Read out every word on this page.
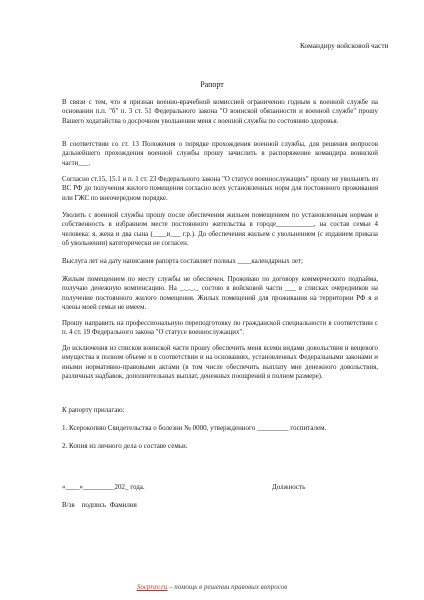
Командиру войсковой части
Рапорт
В связи с тем, что я признан военно-врачебной комиссией ограниченно годным к военной службе на основании п.п. "б" п. 3 ст. 51 Федерального закона "О воинской обязанности и военной службе" прошу Вашего ходатайства о досрочном увольнении меня с военной службы по состоянию здоровья.
В соответствии со ст. 13 Положения о порядке прохождения военной службы, для решения вопросов дальнейшего прохождения военной службы прошу зачислить в распоряжение командира воинской части___.
Согласно ст.15, 15.1 и п. 1 ст. 23 Федерального закона "О статусе военнослужащих" прошу не увольнять из ВС РФ до получения жилого помещения согласно всех установленных норм для постоянного проживания или ГЖС по внеочередном порядке.
Уволить с военной службы прошу после обеспечения жильем помещением по установленным нормам в собственность в избранном месте постоянного жительства в городе___________, на состав семьи 4 человека: я, жена и два сына (____и___ г.р.). До обеспечения жильем с увольнением (с изданием приказа об увольнении) категорически не согласен.
Выслуга лет на дату написания рапорта составляет полных ____календарных лет;
Жилым помещением по месту службы не обеспечен. Проживаю по договору коммерческого подnaйма, получаю денежную компенсацию. На _._._._ состою в войсковой части ___ в списках очередников на получение постоянного жилого помещения. Жилых помещений для проживания на территории РФ я и члены моей семьи не имеем.
Прошу направить на профессиональную переподготовку по гражданской специальности в соответствии с п. 4 ст. 19 Федерального закона "О статусе военнослужащих".
До исключения из списков воинской части прошу обеспечить меня всеми видами довольствия и вещевого имущества в полном объеме и в соответствии и на основаниях, установленных Федеральными законами и иными нормативно-правовыми актами (в том числе обеспечить выплату мне денежного довольствия, различных надбавок, дополнительных выплат, денежных поощрений в полном размере).
К рапорту прилагаю:
1. Ксерокопию Свидетельства о болезни № 0000, утвержденного _________ госпиталем.
2. Копия из личного дела о составе семьи.
«____»_________202_ года.	Должность
В/зв    подпись  Фамилия
Socprav.ru – помощь в решении правовых вопросов
